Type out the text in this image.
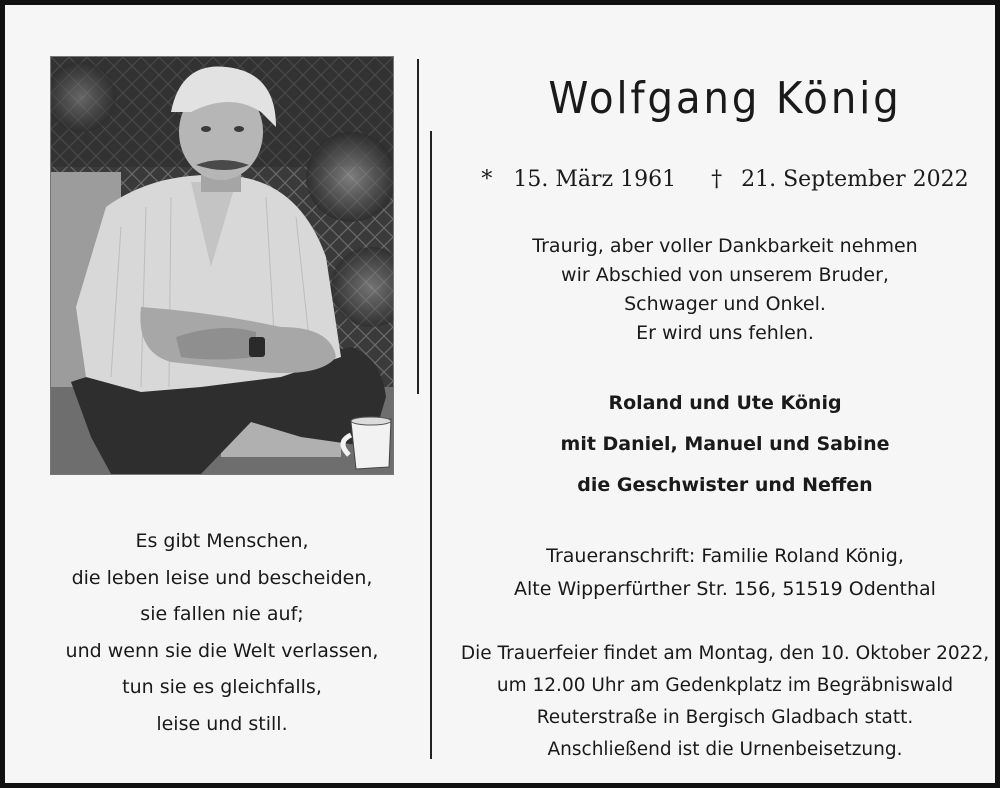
Es gibt Menschen,
die leben leise und bescheiden,
sie fallen nie auf;
und wenn sie die Welt verlassen,
tun sie es gleichfalls,
leise und still.
Wolfgang König
* 15. März 1961 † 21. September 2022
Traurig, aber voller Dankbarkeit nehmen
wir Abschied von unserem Bruder,
Schwager und Onkel.
Er wird uns fehlen.
Roland und Ute König
mit Daniel, Manuel und Sabine
die Geschwister und Neffen
Traueranschrift: Familie Roland König,
Alte Wipperfürther Str. 156, 51519 Odenthal
Die Trauerfeier findet am Montag, den 10. Oktober 2022,
um 12.00 Uhr am Gedenkplatz im Begräbniswald
Reuterstraße in Bergisch Gladbach statt.
Anschließend ist die Urnenbeisetzung.
